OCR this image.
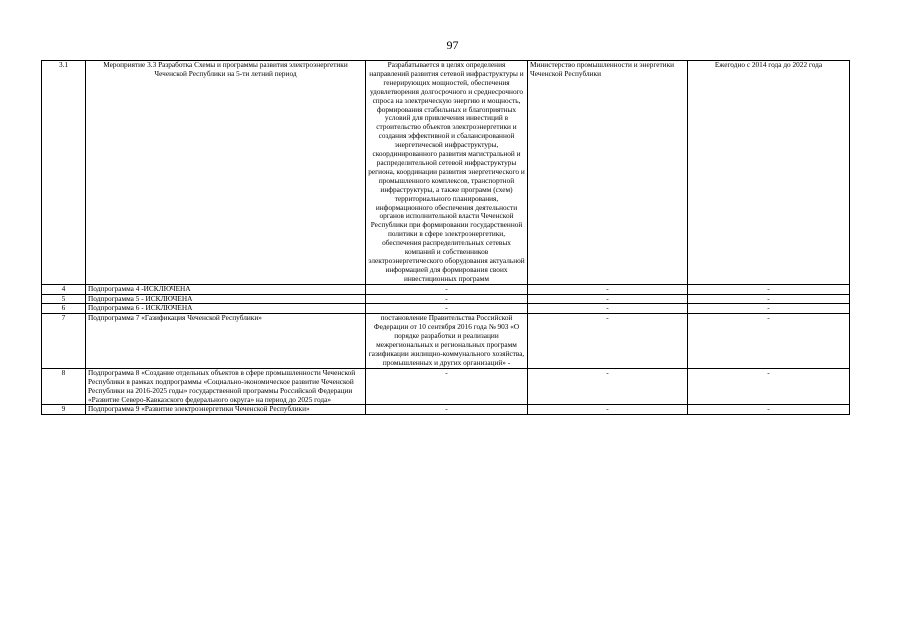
97
3.1	Мероприятие 3.3 Разработка Схемы и программы развития электроэнергетики Чеченской Республики на 5-ти летний период	Разрабатывается в целях определения направлений развития сетевой инфраструктуры и генерирующих мощностей, обеспечения удовлетворения долгосрочного и среднесрочного спроса на электрическую энергию и мощность, формирования стабильных и благоприятных условий для привлечения инвестиций в строительство объектов электроэнергетики и создания эффективной и сбалансированной энергетической инфраструктуры, скоординированного развития магистральной и распределительной сетевой инфраструктуры региона, координации развития энергетического и промышленного комплексов, транспортной инфраструктуры, а также программ (схем) территориального планирования, информационного обеспечения деятельности органов исполнительной власти Чеченской Республики при формировании государственной политики в сфере электроэнергетики, обеспечения распределительных сетевых компаний и собственников электроэнергетического оборудования актуальной информацией для формирования своих инвестиционных программ	Министерство промышленности и энергетики Чеченской Республики	Ежегодно с 2014 года до 2022 года
4	Подпрограмма 4 -ИСКЛЮЧЕНА	-	-	-
5	Подпрограмма 5 - ИСКЛЮЧЕНА	-	-	-
6	Подпрограмма 6 - ИСКЛЮЧЕНА	-	-	-
7	Подпрограмма 7 «Газификация Чеченской Республики»	постановление Правительства Российской Федерации от 10 сентября 2016 года № 903 «О порядке разработки и реализации межрегиональных и региональных программ газификации жилищно-коммунального хозяйства, промышленных и других организаций» -	-	-
8	Подпрограмма 8 «Создание отдельных объектов в сфере промышленности Чеченской Республики в рамках подпрограммы «Социально-экономическое развитие Чеченской Республики на 2016-2025 годы» государственной программы Российской Федерации «Развитие Северо-Кавказского федерального округа» на период до 2025 года»	-	-	-
9	Подпрограмма 9 «Развитие электроэнергетики Чеченской Республики»	-	-	-
